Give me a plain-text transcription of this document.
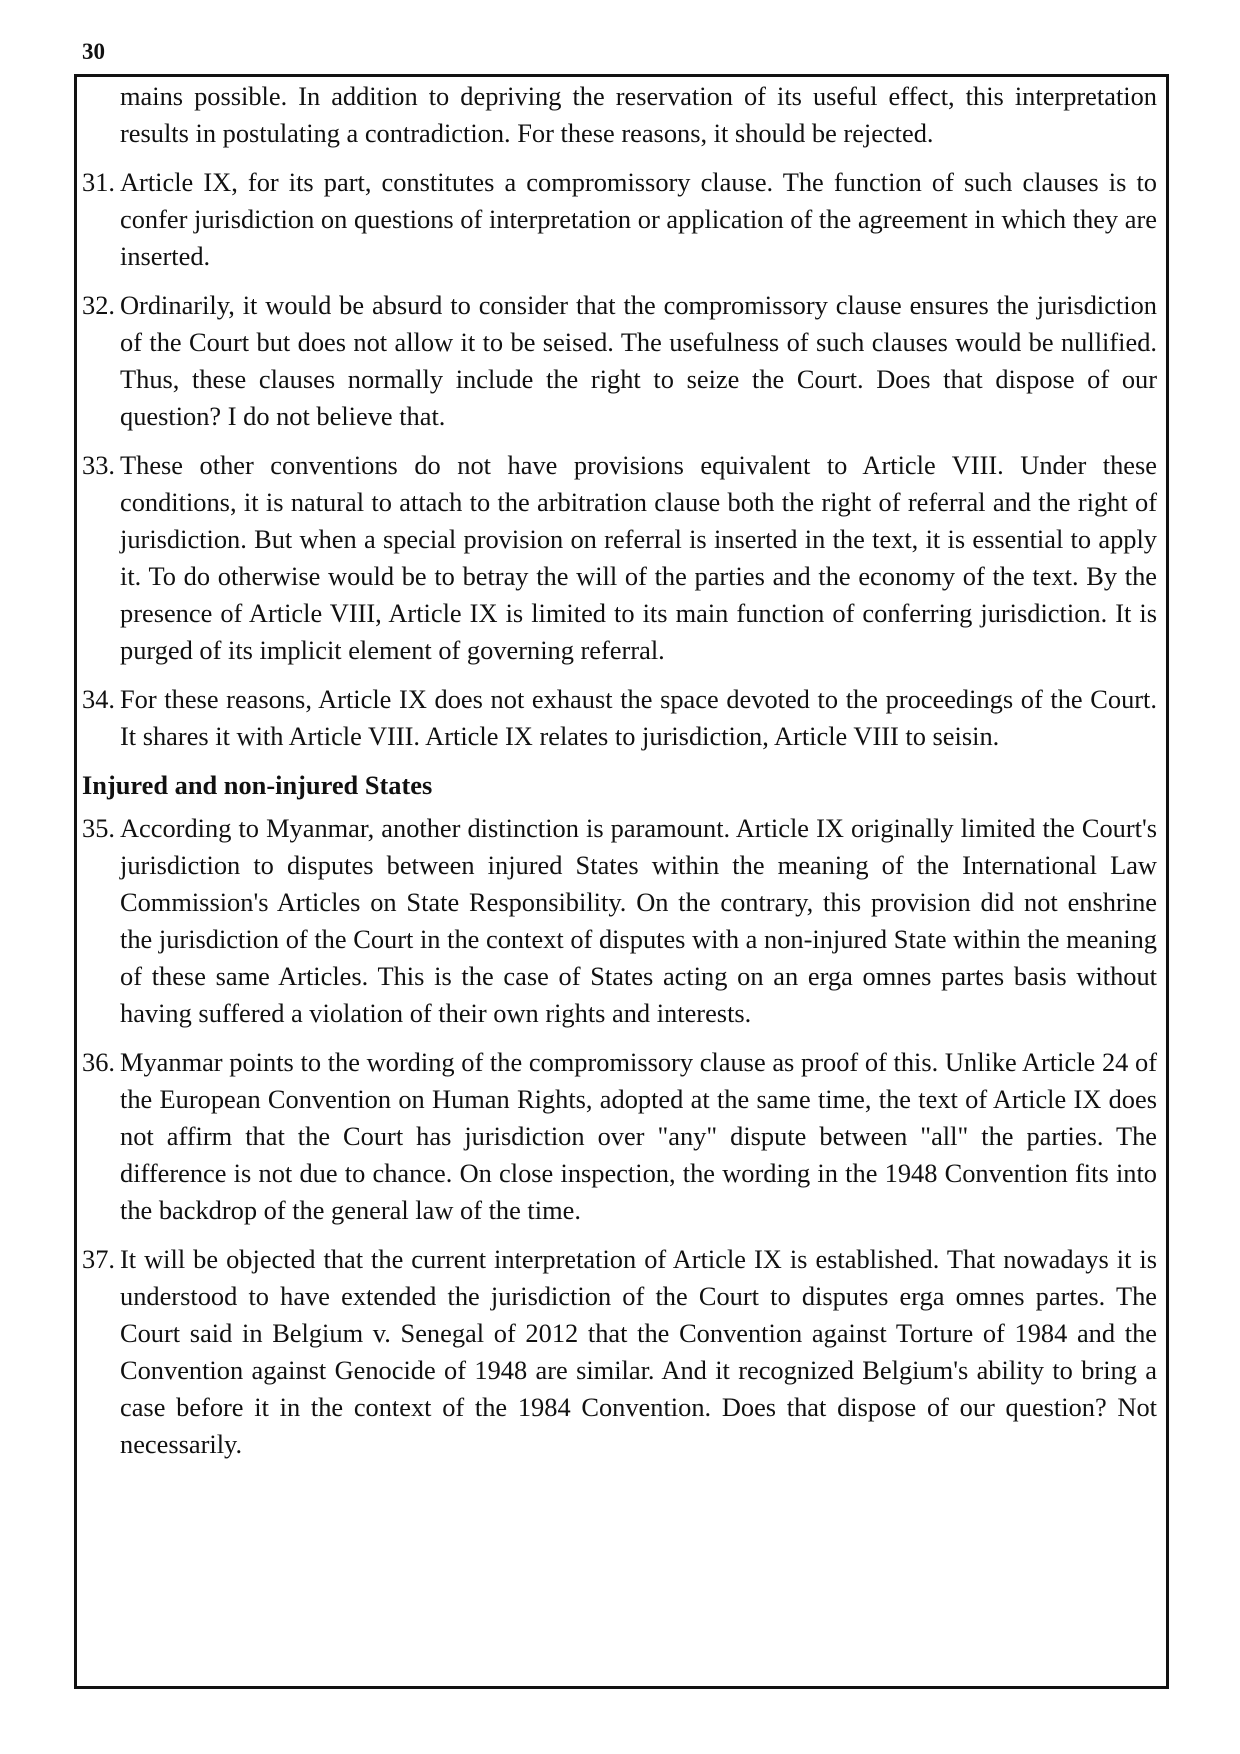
30

mains possible. In addition to depriving the reservation of its useful effect, this interpretation results in postulating a contradiction. For these reasons, it should be rejected.

31. Article IX, for its part, constitutes a compromissory clause. The function of such clauses is to confer jurisdiction on questions of interpretation or application of the agreement in which they are inserted.

32. Ordinarily, it would be absurd to consider that the compromissory clause ensures the jurisdiction of the Court but does not allow it to be seised. The usefulness of such clauses would be nullified. Thus, these clauses normally include the right to seize the Court. Does that dispose of our question? I do not believe that.

33. These other conventions do not have provisions equivalent to Article VIII. Under these conditions, it is natural to attach to the arbitration clause both the right of referral and the right of jurisdiction. But when a special provision on referral is inserted in the text, it is essential to apply it. To do otherwise would be to betray the will of the parties and the economy of the text. By the presence of Article VIII, Article IX is limited to its main function of conferring jurisdiction. It is purged of its implicit element of governing referral.

34. For these reasons, Article IX does not exhaust the space devoted to the proceedings of the Court. It shares it with Article VIII. Article IX relates to jurisdiction, Article VIII to seisin.

Injured and non-injured States

35. According to Myanmar, another distinction is paramount. Article IX originally limited the Court's jurisdiction to disputes between injured States within the meaning of the International Law Commission's Articles on State Responsibility. On the contrary, this provision did not enshrine the jurisdiction of the Court in the context of disputes with a non-injured State within the meaning of these same Articles. This is the case of States acting on an erga omnes partes basis without having suffered a violation of their own rights and interests.

36. Myanmar points to the wording of the compromissory clause as proof of this. Unlike Article 24 of the European Convention on Human Rights, adopted at the same time, the text of Article IX does not affirm that the Court has jurisdiction over "any" dispute between "all" the parties. The difference is not due to chance. On close inspection, the wording in the 1948 Convention fits into the backdrop of the general law of the time.

37. It will be objected that the current interpretation of Article IX is established. That nowadays it is understood to have extended the jurisdiction of the Court to disputes erga omnes partes. The Court said in Belgium v. Senegal of 2012 that the Convention against Torture of 1984 and the Convention against Genocide of 1948 are similar. And it recognized Belgium's ability to bring a case before it in the context of the 1984 Convention. Does that dispose of our question? Not necessarily.
